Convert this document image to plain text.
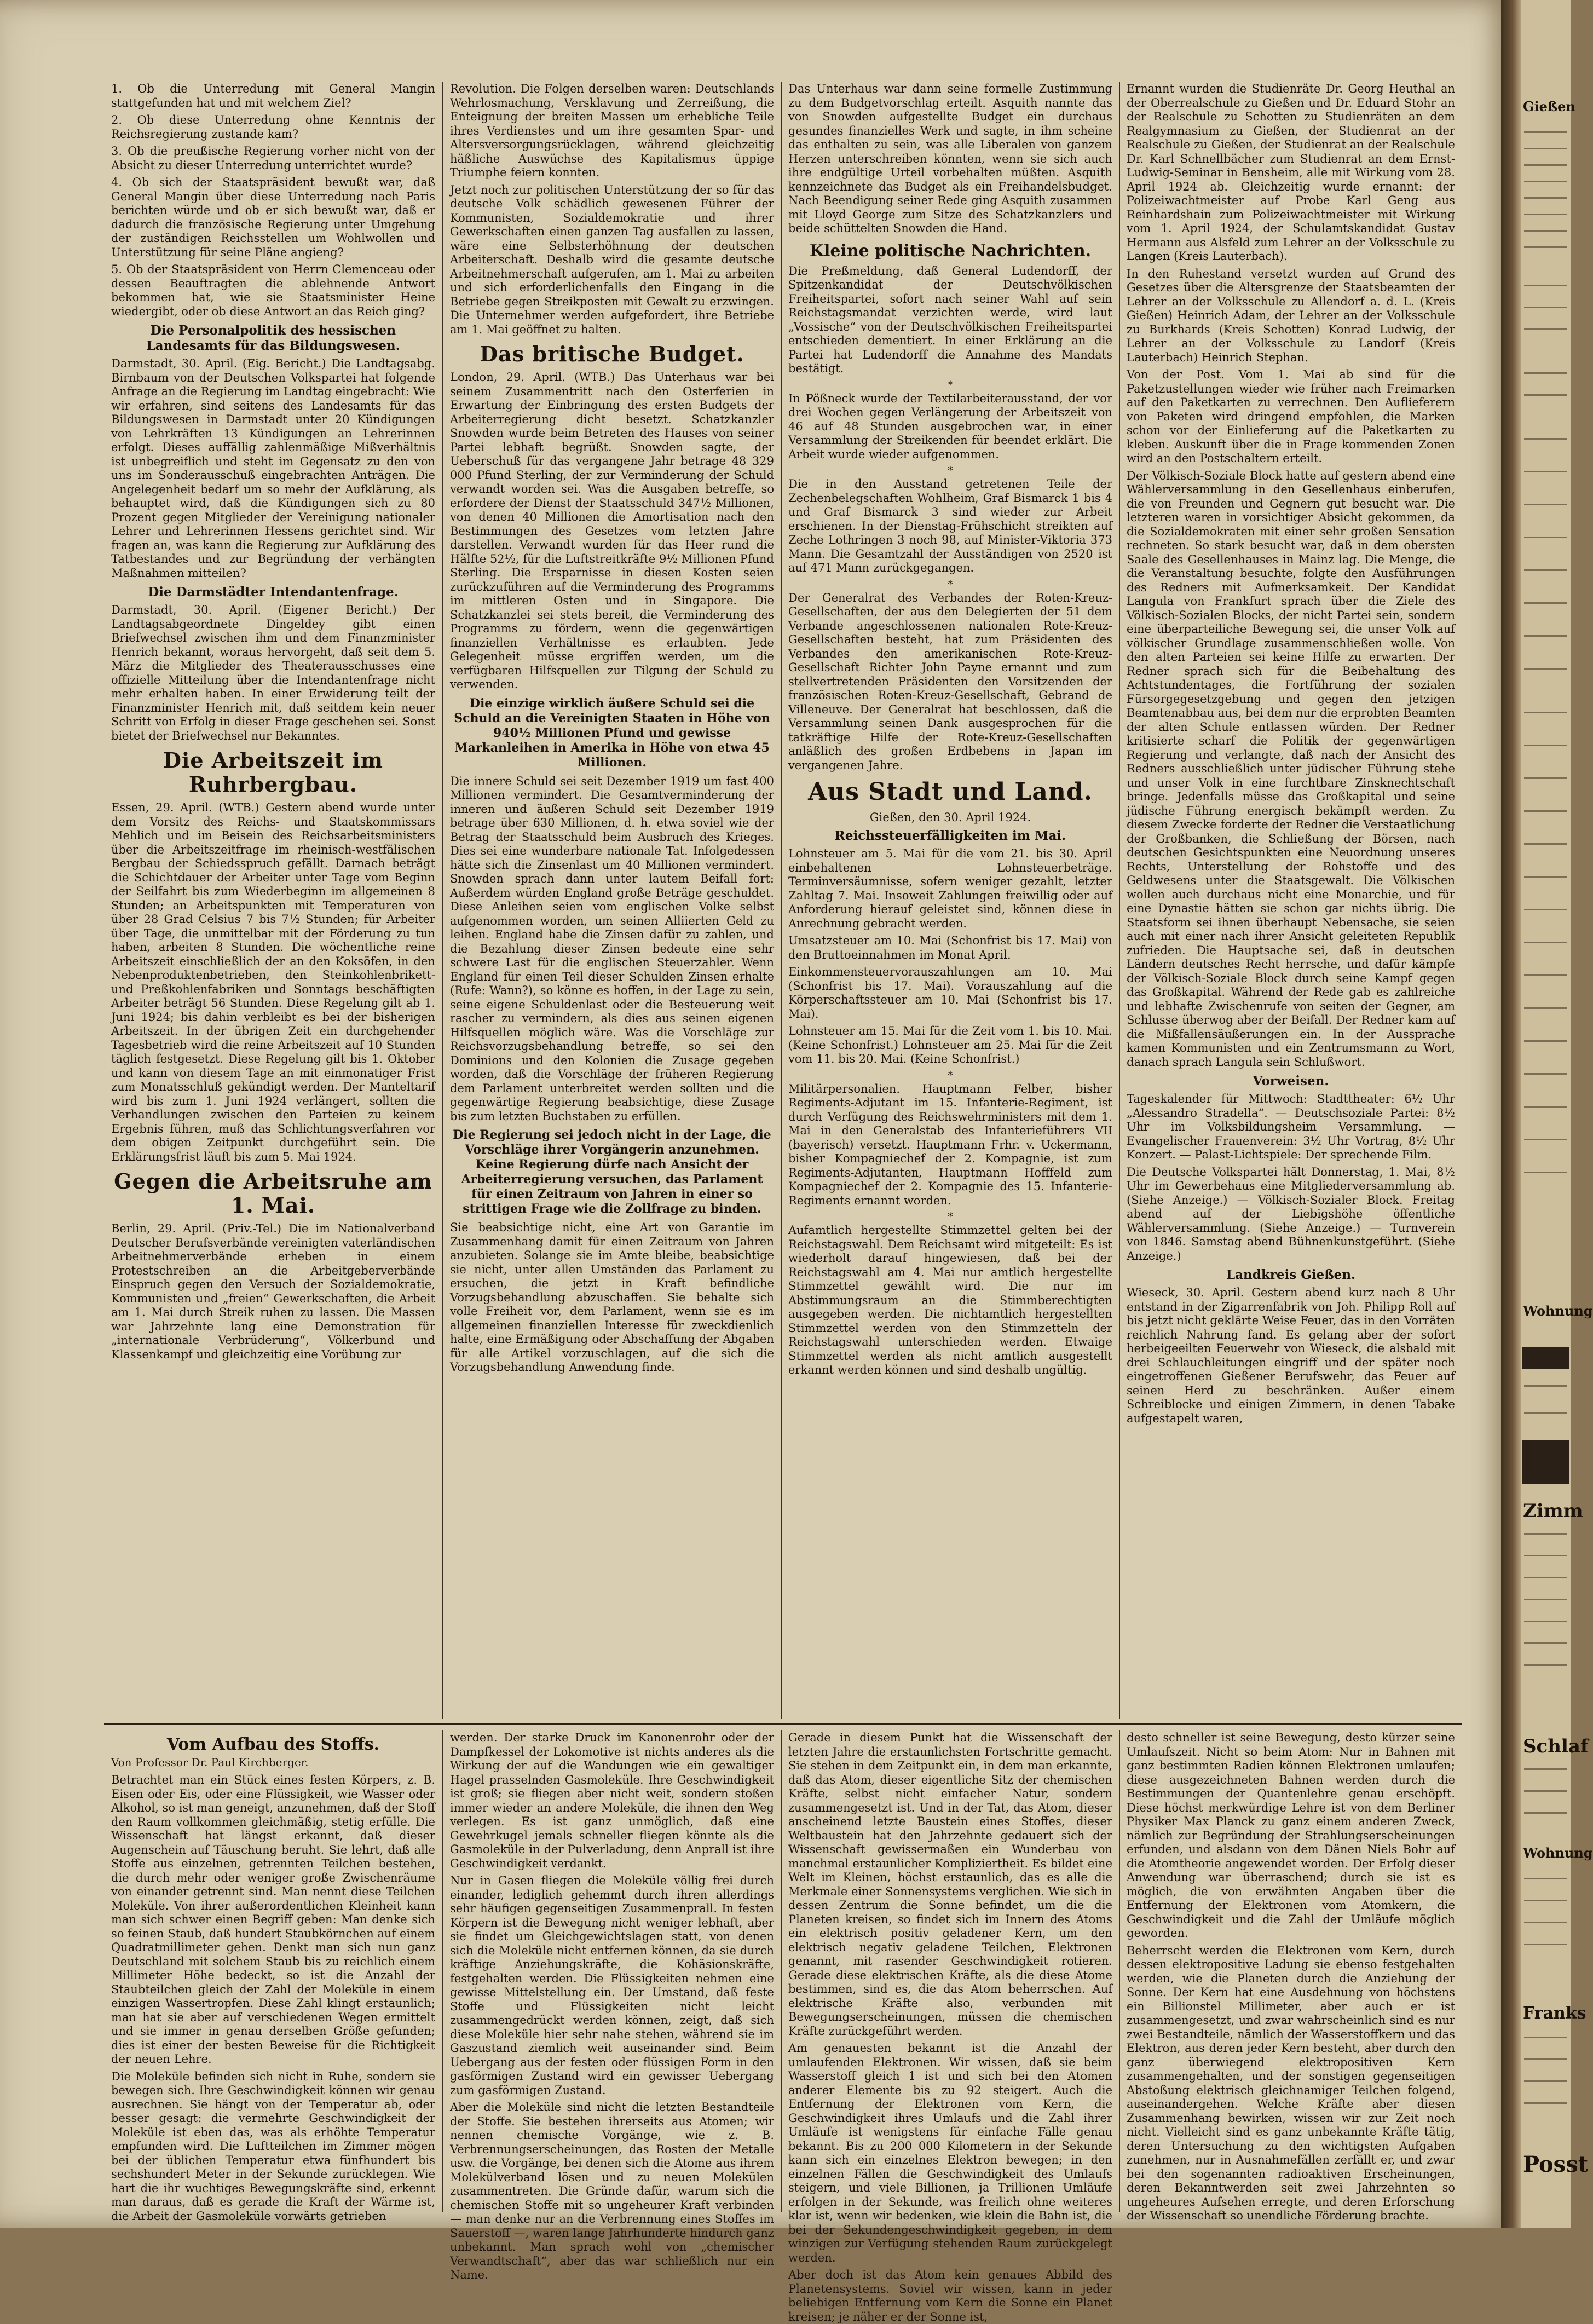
1. Ob die Unterredung mit General Mangin stattgefunden hat und mit welchem Ziel?

2. Ob diese Unterredung ohne Kenntnis der Reichsregierung zustande kam?

3. Ob die preußische Regierung vorher nicht von der Absicht zu dieser Unterredung unterrichtet wurde?

4. Ob sich der Staatspräsident bewußt war, daß General Mangin über diese Unterredung nach Paris berichten würde und ob er sich bewußt war, daß er dadurch die französische Regierung unter Umgehung der zuständigen Reichsstellen um Wohlwollen und Unterstützung für seine Pläne angieng?

5. Ob der Staatspräsident von Herrn Clemenceau oder dessen Beauftragten die ablehnende Antwort bekommen hat, wie sie Staatsminister Heine wiedergibt, oder ob diese Antwort an das Reich ging?

Die Personalpolitik des hessischen Landesamts für das Bildungswesen.

Darmstadt, 30. April. (Eig. Bericht.) Die Landtagsabg. Birnbaum von der Deutschen Volkspartei hat folgende Anfrage an die Regierung im Landtag eingebracht: Wie wir erfahren, sind seitens des Landesamts für das Bildungswesen in Darmstadt unter 20 Kündigungen von Lehrkräften 13 Kündigungen an Lehrerinnen erfolgt. Dieses auffällig zahlenmäßige Mißverhältnis ist unbegreiflich und steht im Gegensatz zu den von uns im Sonderausschuß eingebrachten Anträgen. Die Angelegenheit bedarf um so mehr der Aufklärung, als behauptet wird, daß die Kündigungen sich zu 80 Prozent gegen Mitglieder der Vereinigung nationaler Lehrer und Lehrerinnen Hessens gerichtet sind. Wir fragen an, was kann die Regierung zur Aufklärung des Tatbestandes und zur Begründung der verhängten Maßnahmen mitteilen?

Die Darmstädter Intendantenfrage.

Darmstadt, 30. April. (Eigener Bericht.) Der Landtagsabgeordnete Dingeldey gibt einen Briefwechsel zwischen ihm und dem Finanzminister Henrich bekannt, woraus hervorgeht, daß seit dem 5. März die Mitglieder des Theaterausschusses eine offizielle Mitteilung über die Intendantenfrage nicht mehr erhalten haben. In einer Erwiderung teilt der Finanzminister Henrich mit, daß seitdem kein neuer Schritt von Erfolg in dieser Frage geschehen sei. Sonst bietet der Briefwechsel nur Bekanntes.

Die Arbeitszeit im Ruhrbergbau.

Essen, 29. April. (WTB.) Gestern abend wurde unter dem Vorsitz des Reichs- und Staatskommissars Mehlich und im Beisein des Reichsarbeitsministers über die Arbeitszeitfrage im rheinisch-westfälischen Bergbau der Schiedsspruch gefällt. Darnach beträgt die Schichtdauer der Arbeiter unter Tage vom Beginn der Seilfahrt bis zum Wiederbeginn im allgemeinen 8 Stunden; an Arbeitspunkten mit Temperaturen von über 28 Grad Celsius 7 bis 7½ Stunden; für Arbeiter über Tage, die unmittelbar mit der Förderung zu tun haben, arbeiten 8 Stunden. Die wöchentliche reine Arbeitszeit einschließlich der an den Koksöfen, in den Nebenproduktenbetrieben, den Steinkohlenbrikett- und Preßkohlenfabriken und Sonntags beschäftigten Arbeiter beträgt 56 Stunden. Diese Regelung gilt ab 1. Juni 1924; bis dahin verbleibt es bei der bisherigen Arbeitszeit. In der übrigen Zeit ein durchgehender Tagesbetrieb wird die reine Arbeitszeit auf 10 Stunden täglich festgesetzt. Diese Regelung gilt bis 1. Oktober und kann von diesem Tage an mit einmonatiger Frist zum Monatsschluß gekündigt werden. Der Manteltarif wird bis zum 1. Juni 1924 verlängert, sollten die Verhandlungen zwischen den Parteien zu keinem Ergebnis führen, muß das Schlichtungsverfahren vor dem obigen Zeitpunkt durchgeführt sein. Die Erklärungsfrist läuft bis zum 5. Mai 1924.

Gegen die Arbeitsruhe am 1. Mai.

Berlin, 29. April. (Priv.-Tel.) Die im Nationalverband Deutscher Berufsverbände vereinigten vaterländischen Arbeitnehmerverbände erheben in einem Protestschreiben an die Arbeitgeberverbände Einspruch gegen den Versuch der Sozialdemokratie, Kommunisten und „freien“ Gewerkschaften, die Arbeit am 1. Mai durch Streik ruhen zu lassen. Die Massen war Jahrzehnte lang eine Demonstration für „internationale Verbrüderung“, Völkerbund und Klassenkampf und gleichzeitig eine Vorübung zur

Revolution. Die Folgen derselben waren: Deutschlands Wehrlosmachung, Versklavung und Zerreißung, die Enteignung der breiten Massen um erhebliche Teile ihres Verdienstes und um ihre gesamten Spar- und Altersversorgungsrücklagen, während gleichzeitig häßliche Auswüchse des Kapitalismus üppige Triumphe feiern konnten.

Jetzt noch zur politischen Unterstützung der so für das deutsche Volk schädlich gewesenen Führer der Kommunisten, Sozialdemokratie und ihrer Gewerkschaften einen ganzen Tag ausfallen zu lassen, wäre eine Selbsterhöhnung der deutschen Arbeiterschaft. Deshalb wird die gesamte deutsche Arbeitnehmerschaft aufgerufen, am 1. Mai zu arbeiten und sich erforderlichenfalls den Eingang in die Betriebe gegen Streikposten mit Gewalt zu erzwingen. Die Unternehmer werden aufgefordert, ihre Betriebe am 1. Mai geöffnet zu halten.

Das britische Budget.

London, 29. April. (WTB.) Das Unterhaus war bei seinem Zusammentritt nach den Osterferien in Erwartung der Einbringung des ersten Budgets der Arbeiterregierung dicht besetzt. Schatzkanzler Snowden wurde beim Betreten des Hauses von seiner Partei lebhaft begrüßt. Snowden sagte, der Ueberschuß für das vergangene Jahr betrage 48 329 000 Pfund Sterling, der zur Verminderung der Schuld verwandt worden sei. Was die Ausgaben betreffe, so erfordere der Dienst der Staatsschuld 347½ Millionen, von denen 40 Millionen die Amortisation nach den Bestimmungen des Gesetzes vom letzten Jahre darstellen. Verwandt wurden für das Heer rund die Hälfte 52½, für die Luftstreitkräfte 9½ Millionen Pfund Sterling. Die Ersparnisse in diesen Kosten seien zurückzuführen auf die Verminderung des Programms im mittleren Osten und in Singapore. Die Schatzkanzlei sei stets bereit, die Verminderung des Programms zu fördern, wenn die gegenwärtigen finanziellen Verhältnisse es erlaubten. Jede Gelegenheit müsse ergriffen werden, um die verfügbaren Hilfsquellen zur Tilgung der Schuld zu verwenden.

Die einzige wirklich äußere Schuld sei die Schuld an die Vereinigten Staaten in Höhe von 940½ Millionen Pfund und gewisse Markanleihen in Amerika in Höhe von etwa 45 Millionen.

Die innere Schuld sei seit Dezember 1919 um fast 400 Millionen vermindert. Die Gesamtverminderung der inneren und äußeren Schuld seit Dezember 1919 betrage über 630 Millionen, d. h. etwa soviel wie der Betrag der Staatsschuld beim Ausbruch des Krieges. Dies sei eine wunderbare nationale Tat. Infolgedessen hätte sich die Zinsenlast um 40 Millionen vermindert. Snowden sprach dann unter lautem Beifall fort: Außerdem würden England große Beträge geschuldet. Diese Anleihen seien vom englischen Volke selbst aufgenommen worden, um seinen Alliierten Geld zu leihen. England habe die Zinsen dafür zu zahlen, und die Bezahlung dieser Zinsen bedeute eine sehr schwere Last für die englischen Steuerzahler. Wenn England für einen Teil dieser Schulden Zinsen erhalte (Rufe: Wann?), so könne es hoffen, in der Lage zu sein, seine eigene Schuldenlast oder die Besteuerung weit rascher zu vermindern, als dies aus seinen eigenen Hilfsquellen möglich wäre. Was die Vorschläge zur Reichsvorzugsbehandlung betreffe, so sei den Dominions und den Kolonien die Zusage gegeben worden, daß die Vorschläge der früheren Regierung dem Parlament unterbreitet werden sollten und die gegenwärtige Regierung beabsichtige, diese Zusage bis zum letzten Buchstaben zu erfüllen.

Die Regierung sei jedoch nicht in der Lage, die Vorschläge ihrer Vorgängerin anzunehmen. Keine Regierung dürfe nach Ansicht der Arbeiterregierung versuchen, das Parlament für einen Zeitraum von Jahren in einer so strittigen Frage wie die Zollfrage zu binden.

Sie beabsichtige nicht, eine Art von Garantie im Zusammenhang damit für einen Zeitraum von Jahren anzubieten. Solange sie im Amte bleibe, beabsichtige sie nicht, unter allen Umständen das Parlament zu ersuchen, die jetzt in Kraft befindliche Vorzugsbehandlung abzuschaffen. Sie behalte sich volle Freiheit vor, dem Parlament, wenn sie es im allgemeinen finanziellen Interesse für zweckdienlich halte, eine Ermäßigung oder Abschaffung der Abgaben für alle Artikel vorzuschlagen, auf die sich die Vorzugsbehandlung Anwendung finde.

Das Unterhaus war dann seine formelle Zustimmung zu dem Budgetvorschlag erteilt. Asquith nannte das von Snowden aufgestellte Budget ein durchaus gesundes finanzielles Werk und sagte, in ihm scheine das enthalten zu sein, was alle Liberalen von ganzem Herzen unterschreiben könnten, wenn sie sich auch ihre endgültige Urteil vorbehalten müßten. Asquith kennzeichnete das Budget als ein Freihandelsbudget. Nach Beendigung seiner Rede ging Asquith zusammen mit Lloyd George zum Sitze des Schatzkanzlers und beide schüttelten Snowden die Hand.

Kleine politische Nachrichten.

Die Preßmeldung, daß General Ludendorff, der Spitzenkandidat der Deutschvölkischen Freiheitspartei, sofort nach seiner Wahl auf sein Reichstagsmandat verzichten werde, wird laut „Vossische“ von der Deutschvölkischen Freiheitspartei entschieden dementiert. In einer Erklärung an die Partei hat Ludendorff die Annahme des Mandats bestätigt.

*

In Pößneck wurde der Textilarbeiterausstand, der vor drei Wochen gegen Verlängerung der Arbeitszeit von 46 auf 48 Stunden ausgebrochen war, in einer Versammlung der Streikenden für beendet erklärt. Die Arbeit wurde wieder aufgenommen.

*

Die in den Ausstand getretenen Teile der Zechenbelegschaften Wohlheim, Graf Bismarck 1 bis 4 und Graf Bismarck 3 sind wieder zur Arbeit erschienen. In der Dienstag-Frühschicht streikten auf Zeche Lothringen 3 noch 98, auf Minister-Viktoria 373 Mann. Die Gesamtzahl der Ausständigen von 2520 ist auf 471 Mann zurückgegangen.

*

Der Generalrat des Verbandes der Roten-Kreuz-Gesellschaften, der aus den Delegierten der 51 dem Verbande angeschlossenen nationalen Rote-Kreuz-Gesellschaften besteht, hat zum Präsidenten des Verbandes den amerikanischen Rote-Kreuz-Gesellschaft Richter John Payne ernannt und zum stellvertretenden Präsidenten den Vorsitzenden der französischen Roten-Kreuz-Gesellschaft, Gebrand de Villeneuve. Der Generalrat hat beschlossen, daß die Versammlung seinen Dank ausgesprochen für die tatkräftige Hilfe der Rote-Kreuz-Gesellschaften anläßlich des großen Erdbebens in Japan im vergangenen Jahre.

Aus Stadt und Land.
Gießen, den 30. April 1924.
Reichssteuerfälligkeiten im Mai.

Lohnsteuer am 5. Mai für die vom 21. bis 30. April einbehaltenen Lohnsteuerbeträge. Terminversäumnisse, sofern weniger gezahlt, letzter Zahltag 7. Mai. Insoweit Zahlungen freiwillig oder auf Anforderung hierauf geleistet sind, können diese in Anrechnung gebracht werden.

Umsatzsteuer am 10. Mai (Schonfrist bis 17. Mai) von den Bruttoeinnahmen im Monat April.

Einkommensteuervorauszahlungen am 10. Mai (Schonfrist bis 17. Mai). Vorauszahlung auf die Körperschaftssteuer am 10. Mai (Schonfrist bis 17. Mai).

Lohnsteuer am 15. Mai für die Zeit vom 1. bis 10. Mai. (Keine Schonfrist.) Lohnsteuer am 25. Mai für die Zeit vom 11. bis 20. Mai. (Keine Schonfrist.)

*

Militärpersonalien. Hauptmann Felber, bisher Regiments-Adjutant im 15. Infanterie-Regiment, ist durch Verfügung des Reichswehrministers mit dem 1. Mai in den Generalstab des Infanterieführers VII (bayerisch) versetzt. Hauptmann Frhr. v. Uckermann, bisher Kompagniechef der 2. Kompagnie, ist zum Regiments-Adjutanten, Hauptmann Hofffeld zum Kompagniechef der 2. Kompagnie des 15. Infanterie-Regiments ernannt worden.

*

Aufamtlich hergestellte Stimmzettel gelten bei der Reichstagswahl. Dem Reichsamt wird mitgeteilt: Es ist wiederholt darauf hingewiesen, daß bei der Reichstagswahl am 4. Mai nur amtlich hergestellte Stimmzettel gewählt wird. Die nur im Abstimmungsraum an die Stimmberechtigten ausgegeben werden. Die nichtamtlich hergestellten Stimmzettel werden von den Stimmzetteln der Reichstagswahl unterschieden werden. Etwaige Stimmzettel werden als nicht amtlich ausgestellt erkannt werden können und sind deshalb ungültig.

Ernannt wurden die Studienräte Dr. Georg Heuthal an der Oberrealschule zu Gießen und Dr. Eduard Stohr an der Realschule zu Schotten zu Studienräten an dem Realgymnasium zu Gießen, der Studienrat an der Realschule zu Gießen, der Studienrat an der Realschule Dr. Karl Schnellbächer zum Studienrat an dem Ernst-Ludwig-Seminar in Bensheim, alle mit Wirkung vom 28. April 1924 ab. Gleichzeitig wurde ernannt: der Polizeiwachtmeister auf Probe Karl Geng aus Reinhardshain zum Polizeiwachtmeister mit Wirkung vom 1. April 1924, der Schulamtskandidat Gustav Hermann aus Alsfeld zum Lehrer an der Volksschule zu Langen (Kreis Lauterbach).

In den Ruhestand versetzt wurden auf Grund des Gesetzes über die Altersgrenze der Staatsbeamten der Lehrer an der Volksschule zu Allendorf a. d. L. (Kreis Gießen) Heinrich Adam, der Lehrer an der Volksschule zu Burkhards (Kreis Schotten) Konrad Ludwig, der Lehrer an der Volksschule zu Landorf (Kreis Lauterbach) Heinrich Stephan.

Von der Post. Vom 1. Mai ab sind für die Paketzustellungen wieder wie früher nach Freimarken auf den Paketkarten zu verrechnen. Den Auflieferern von Paketen wird dringend empfohlen, die Marken schon vor der Einlieferung auf die Paketkarten zu kleben. Auskunft über die in Frage kommenden Zonen wird an den Postschaltern erteilt.

Der Völkisch-Soziale Block hatte auf gestern abend eine Wählerversammlung in den Gesellenhaus einberufen, die von Freunden und Gegnern gut besucht war. Die letzteren waren in vorsichtiger Absicht gekommen, da die Sozialdemokraten mit einer sehr großen Sensation rechneten. So stark besucht war, daß in dem obersten Saale des Gesellenhauses in Mainz lag. Die Menge, die die Veranstaltung besuchte, folgte den Ausführungen des Redners mit Aufmerksamkeit. Der Kandidat Langula von Frankfurt sprach über die Ziele des Völkisch-Sozialen Blocks, der nicht Partei sein, sondern eine überparteiliche Bewegung sei, die unser Volk auf völkischer Grundlage zusammenschließen wolle. Von den alten Parteien sei keine Hilfe zu erwarten. Der Redner sprach sich für die Beibehaltung des Achtstundentages, die Fortführung der sozialen Fürsorgegesetzgebung und gegen den jetzigen Beamtenabbau aus, bei dem nur die erprobten Beamten der alten Schule entlassen würden. Der Redner kritisierte scharf die Politik der gegenwärtigen Regierung und verlangte, daß nach der Ansicht des Redners ausschließlich unter jüdischer Führung stehe und unser Volk in eine furchtbare Zinsknechtschaft bringe. Jedenfalls müsse das Großkapital und seine jüdische Führung energisch bekämpft werden. Zu diesem Zwecke forderte der Redner die Verstaatlichung der Großbanken, die Schließung der Börsen, nach deutschen Gesichtspunkten eine Neuordnung unseres Rechts, Unterstellung der Rohstoffe und des Geldwesens unter die Staatsgewalt. Die Völkischen wollen auch durchaus nicht eine Monarchie, und für eine Dynastie hätten sie schon gar nichts übrig. Die Staatsform sei ihnen überhaupt Nebensache, sie seien auch mit einer nach ihrer Ansicht geleiteten Republik zufrieden. Die Hauptsache sei, daß in deutschen Ländern deutsches Recht herrsche, und dafür kämpfe der Völkisch-Soziale Block durch seine Kampf gegen das Großkapital. Während der Rede gab es zahlreiche und lebhafte Zwischenrufe von seiten der Gegner, am Schlusse überwog aber der Beifall. Der Redner kam auf die Mißfallensäußerungen ein. In der Aussprache kamen Kommunisten und ein Zentrumsmann zu Wort, danach sprach Langula sein Schlußwort.

Vorweisen.

Tageskalender für Mittwoch: Stadttheater: 6½ Uhr „Alessandro Stradella“. — Deutschsoziale Partei: 8½ Uhr im Volksbildungsheim Versammlung. — Evangelischer Frauenverein: 3½ Uhr Vortrag, 8½ Uhr Konzert. — Palast-Lichtspiele: Der sprechende Film.

Die Deutsche Volkspartei hält Donnerstag, 1. Mai, 8½ Uhr im Gewerbehaus eine Mitgliederversammlung ab. (Siehe Anzeige.) — Völkisch-Sozialer Block. Freitag abend auf der Liebigshöhe öffentliche Wählerversammlung. (Siehe Anzeige.) — Turnverein von 1846. Samstag abend Bühnenkunstgeführt. (Siehe Anzeige.)

Landkreis Gießen.

Wieseck, 30. April. Gestern abend kurz nach 8 Uhr entstand in der Zigarrenfabrik von Joh. Philipp Roll auf bis jetzt nicht geklärte Weise Feuer, das in den Vorräten reichlich Nahrung fand. Es gelang aber der sofort herbeigeeilten Feuerwehr von Wieseck, die alsbald mit drei Schlauchleitungen eingriff und der später noch eingetroffenen Gießener Berufswehr, das Feuer auf seinen Herd zu beschränken. Außer einem Schreiblocke und einigen Zimmern, in denen Tabake aufgestapelt waren,

Vom Aufbau des Stoffs.
Von Professor Dr. Paul Kirchberger.

Betrachtet man ein Stück eines festen Körpers, z. B. Eisen oder Eis, oder eine Flüssigkeit, wie Wasser oder Alkohol, so ist man geneigt, anzunehmen, daß der Stoff den Raum vollkommen gleichmäßig, stetig erfülle. Die Wissenschaft hat längst erkannt, daß dieser Augenschein auf Täuschung beruht. Sie lehrt, daß alle Stoffe aus einzelnen, getrennten Teilchen bestehen, die durch mehr oder weniger große Zwischenräume von einander getrennt sind. Man nennt diese Teilchen Moleküle. Von ihrer außerordentlichen Kleinheit kann man sich schwer einen Begriff geben: Man denke sich so feinen Staub, daß hundert Staubkörnchen auf einem Quadratmillimeter gehen. Denkt man sich nun ganz Deutschland mit solchem Staub bis zu reichlich einem Millimeter Höhe bedeckt, so ist die Anzahl der Staubteilchen gleich der Zahl der Moleküle in einem einzigen Wassertropfen. Diese Zahl klingt erstaunlich; man hat sie aber auf verschiedenen Wegen ermittelt und sie immer in genau derselben Größe gefunden; dies ist einer der besten Beweise für die Richtigkeit der neuen Lehre.

Die Moleküle befinden sich nicht in Ruhe, sondern sie bewegen sich. Ihre Geschwindigkeit können wir genau ausrechnen. Sie hängt von der Temperatur ab, oder besser gesagt: die vermehrte Geschwindigkeit der Moleküle ist eben das, was als erhöhte Temperatur empfunden wird. Die Luftteilchen im Zimmer mögen bei der üblichen Temperatur etwa fünfhundert bis sechshundert Meter in der Sekunde zurücklegen. Wie hart die ihr wuchtiges Bewegungskräfte sind, erkennt man daraus, daß es gerade die Kraft der Wärme ist, die Arbeit der Gasmoleküle vorwärts getrieben

werden. Der starke Druck im Kanonenrohr oder der Dampfkessel der Lokomotive ist nichts anderes als die Wirkung der auf die Wandungen wie ein gewaltiger Hagel prasselnden Gasmoleküle. Ihre Geschwindigkeit ist groß; sie fliegen aber nicht weit, sondern stoßen immer wieder an andere Moleküle, die ihnen den Weg verlegen. Es ist ganz unmöglich, daß eine Gewehrkugel jemals schneller fliegen könnte als die Gasmoleküle in der Pulverladung, denn Anprall ist ihre Geschwindigkeit verdankt.

Nur in Gasen fliegen die Moleküle völlig frei durch einander, lediglich gehemmt durch ihren allerdings sehr häufigen gegenseitigen Zusammenprall. In festen Körpern ist die Bewegung nicht weniger lebhaft, aber sie findet um Gleichgewichtslagen statt, von denen sich die Moleküle nicht entfernen können, da sie durch kräftige Anziehungskräfte, die Kohäsionskräfte, festgehalten werden. Die Flüssigkeiten nehmen eine gewisse Mittelstellung ein. Der Umstand, daß feste Stoffe und Flüssigkeiten nicht leicht zusammengedrückt werden können, zeigt, daß sich diese Moleküle hier sehr nahe stehen, während sie im Gaszustand ziemlich weit auseinander sind. Beim Uebergang aus der festen oder flüssigen Form in den gasförmigen Zustand wird ein gewisser Uebergang zum gasförmigen Zustand.

Aber die Moleküle sind nicht die letzten Bestandteile der Stoffe. Sie bestehen ihrerseits aus Atomen; wir nennen chemische Vorgänge, wie z. B. Verbrennungserscheinungen, das Rosten der Metalle usw. die Vorgänge, bei denen sich die Atome aus ihrem Molekülverband lösen und zu neuen Molekülen zusammentreten. Die Gründe dafür, warum sich die chemischen Stoffe mit so ungeheurer Kraft verbinden — man denke nur an die Verbrennung eines Stoffes im Sauerstoff —, waren lange Jahrhunderte hindurch ganz unbekannt. Man sprach wohl von „chemischer Verwandtschaft“, aber das war schließlich nur ein Name.

Gerade in diesem Punkt hat die Wissenschaft der letzten Jahre die erstaunlichsten Fortschritte gemacht. Sie stehen in dem Zeitpunkt ein, in dem man erkannte, daß das Atom, dieser eigentliche Sitz der chemischen Kräfte, selbst nicht einfacher Natur, sondern zusammengesetzt ist. Und in der Tat, das Atom, dieser anscheinend letzte Baustein eines Stoffes, dieser Weltbaustein hat den Jahrzehnte gedauert sich der Wissenschaft gewissermaßen ein Wunderbau von manchmal erstaunlicher Kompliziertheit. Es bildet eine Welt im Kleinen, höchst erstaunlich, das es alle die Merkmale einer Sonnensystems verglichen. Wie sich in dessen Zentrum die Sonne befindet, um die die Planeten kreisen, so findet sich im Innern des Atoms ein elektrisch positiv geladener Kern, um den elektrisch negativ geladene Teilchen, Elektronen genannt, mit rasender Geschwindigkeit rotieren. Gerade diese elektrischen Kräfte, als die diese Atome bestimmen, sind es, die das Atom beherrschen. Auf elektrische Kräfte also, verbunden mit Bewegungserscheinungen, müssen die chemischen Kräfte zurückgeführt werden.

Am genauesten bekannt ist die Anzahl der umlaufenden Elektronen. Wir wissen, daß sie beim Wasserstoff gleich 1 ist und sich bei den Atomen anderer Elemente bis zu 92 steigert. Auch die Entfernung der Elektronen vom Kern, die Geschwindigkeit ihres Umlaufs und die Zahl ihrer Umläufe ist wenigstens für einfache Fälle genau bekannt. Bis zu 200 000 Kilometern in der Sekunde kann sich ein einzelnes Elektron bewegen; in den einzelnen Fällen die Geschwindigkeit des Umlaufs steigern, und viele Billionen, ja Trillionen Umläufe erfolgen in der Sekunde, was freilich ohne weiteres klar ist, wenn wir bedenken, wie klein die Bahn ist, die bei der Sekundengeschwindigkeit gegeben, in dem winzigen zur Verfügung stehenden Raum zurückgelegt werden.

Aber doch ist das Atom kein genaues Abbild des Planetensystems. Soviel wir wissen, kann in jeder beliebigen Entfernung vom Kern die Sonne ein Planet kreisen; je näher er der Sonne ist,

desto schneller ist seine Bewegung, desto kürzer seine Umlaufszeit. Nicht so beim Atom: Nur in Bahnen mit ganz bestimmten Radien können Elektronen umlaufen; diese ausgezeichneten Bahnen werden durch die Bestimmungen der Quantenlehre genau erschöpft. Diese höchst merkwürdige Lehre ist von dem Berliner Physiker Max Planck zu ganz einem anderen Zweck, nämlich zur Begründung der Strahlungserscheinungen erfunden, und alsdann von dem Dänen Niels Bohr auf die Atomtheorie angewendet worden. Der Erfolg dieser Anwendung war überraschend; durch sie ist es möglich, die von erwähnten Angaben über die Entfernung der Elektronen vom Atomkern, die Geschwindigkeit und die Zahl der Umläufe möglich geworden.

Beherrscht werden die Elektronen vom Kern, durch dessen elektropositive Ladung sie ebenso festgehalten werden, wie die Planeten durch die Anziehung der Sonne. Der Kern hat eine Ausdehnung von höchstens ein Billionstel Millimeter, aber auch er ist zusammengesetzt, und zwar wahrscheinlich sind es nur zwei Bestandteile, nämlich der Wasserstoffkern und das Elektron, aus deren jeder Kern besteht, aber durch den ganz überwiegend elektropositiven Kern zusammengehalten, und der sonstigen gegenseitigen Abstoßung elektrisch gleichnamiger Teilchen folgend, auseinandergehen. Welche Kräfte aber diesen Zusammenhang bewirken, wissen wir zur Zeit noch nicht. Vielleicht sind es ganz unbekannte Kräfte tätig, deren Untersuchung zu den wichtigsten Aufgaben zunehmen, nur in Ausnahmefällen zerfällt er, und zwar bei den sogenannten radioaktiven Erscheinungen, deren Bekanntwerden seit zwei Jahrzehnten so ungeheures Aufsehen erregte, und deren Erforschung der Wissenschaft so unendliche Förderung brachte.

Gießen
Wohnung
Zimm
Schlaf
Wohnung
Franks
Posst
